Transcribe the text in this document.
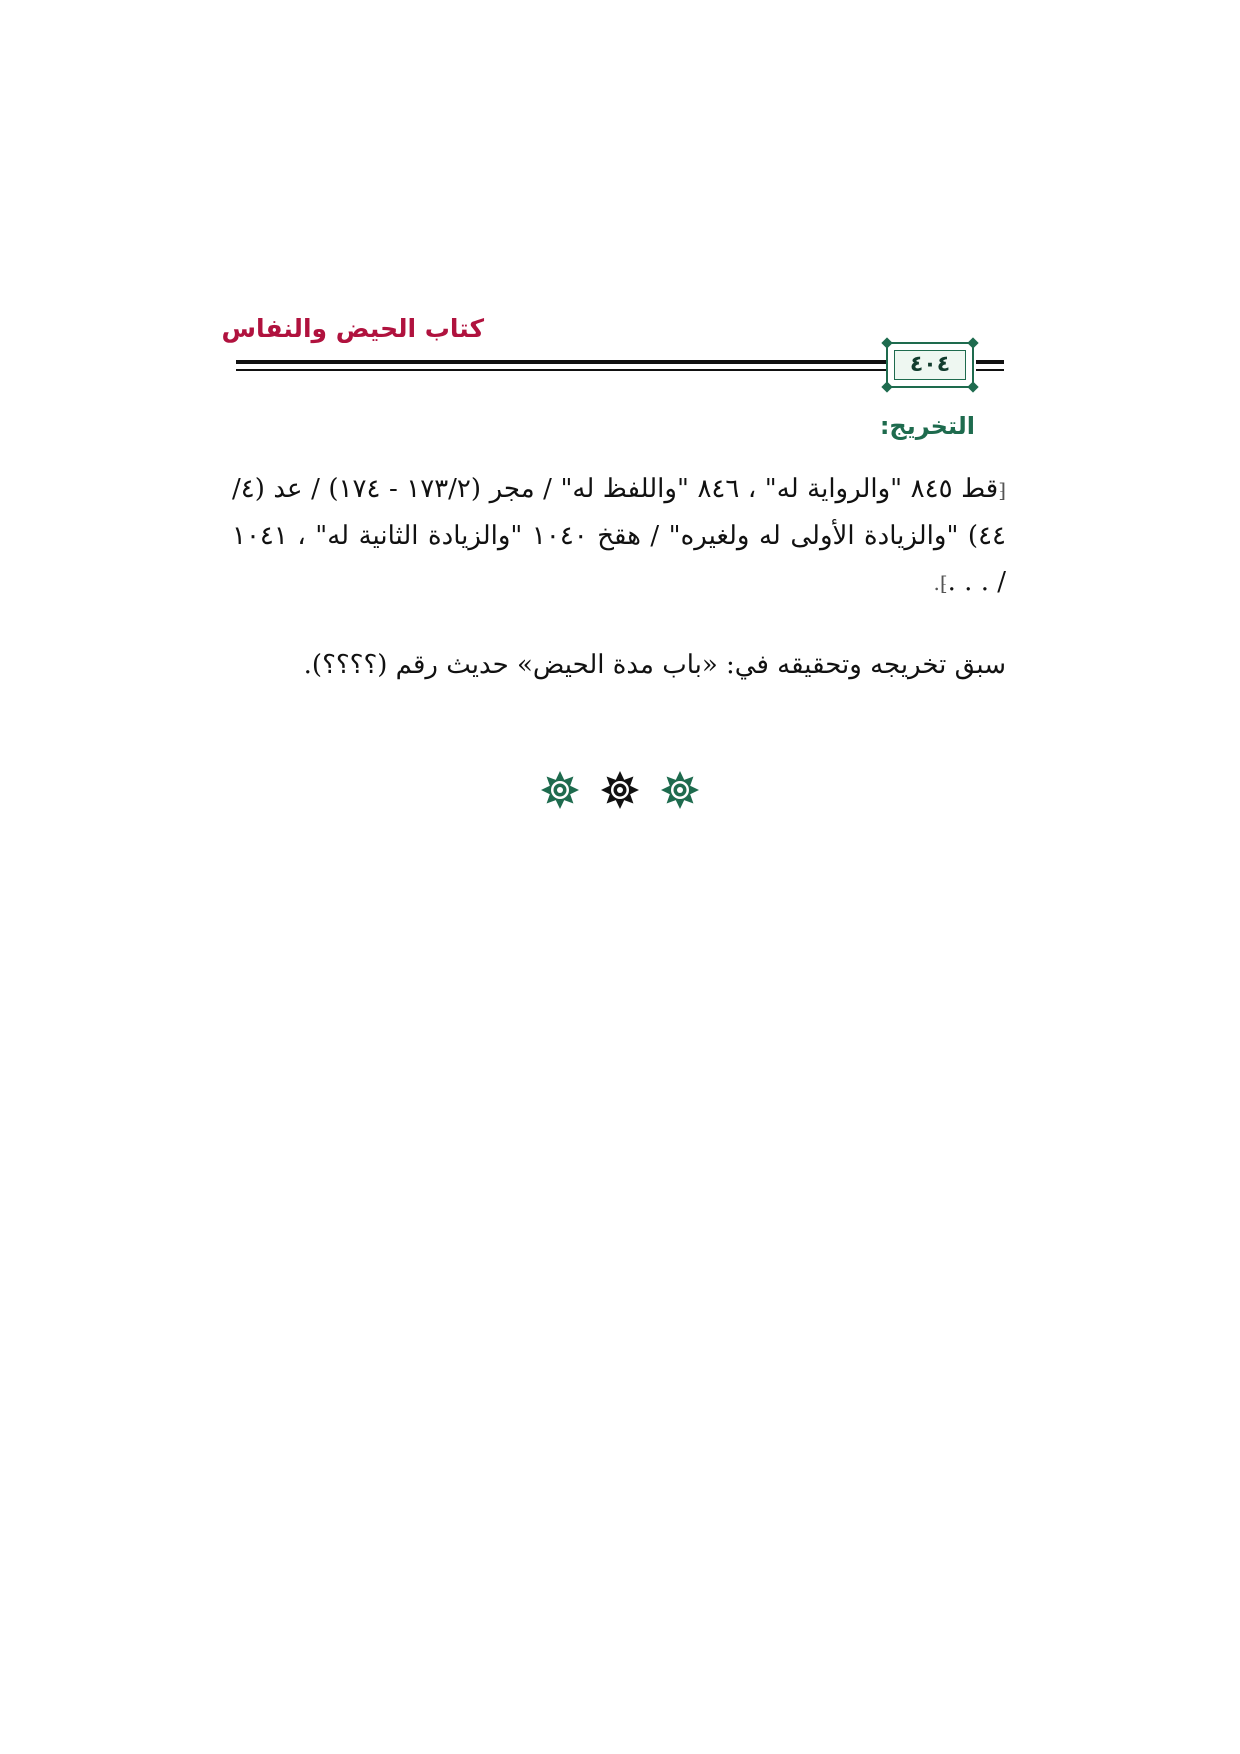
كتاب الحيض والنفاس
٤٠٤
التخريج:
⁅قط ٨٤٥ "والرواية له" ، ٨٤٦ "واللفظ له" / مجر (١٧٣/٢ - ١٧٤) / عد (٤/ ٤٤) "والزيادة الأولى له ولغيره" / هقخ ١٠٤٠ "والزيادة الثانية له" ، ١٠٤١ / . . .⁆.
سبق تخريجه وتحقيقه في: «باب مدة الحيض» حديث رقم (؟؟؟؟).
